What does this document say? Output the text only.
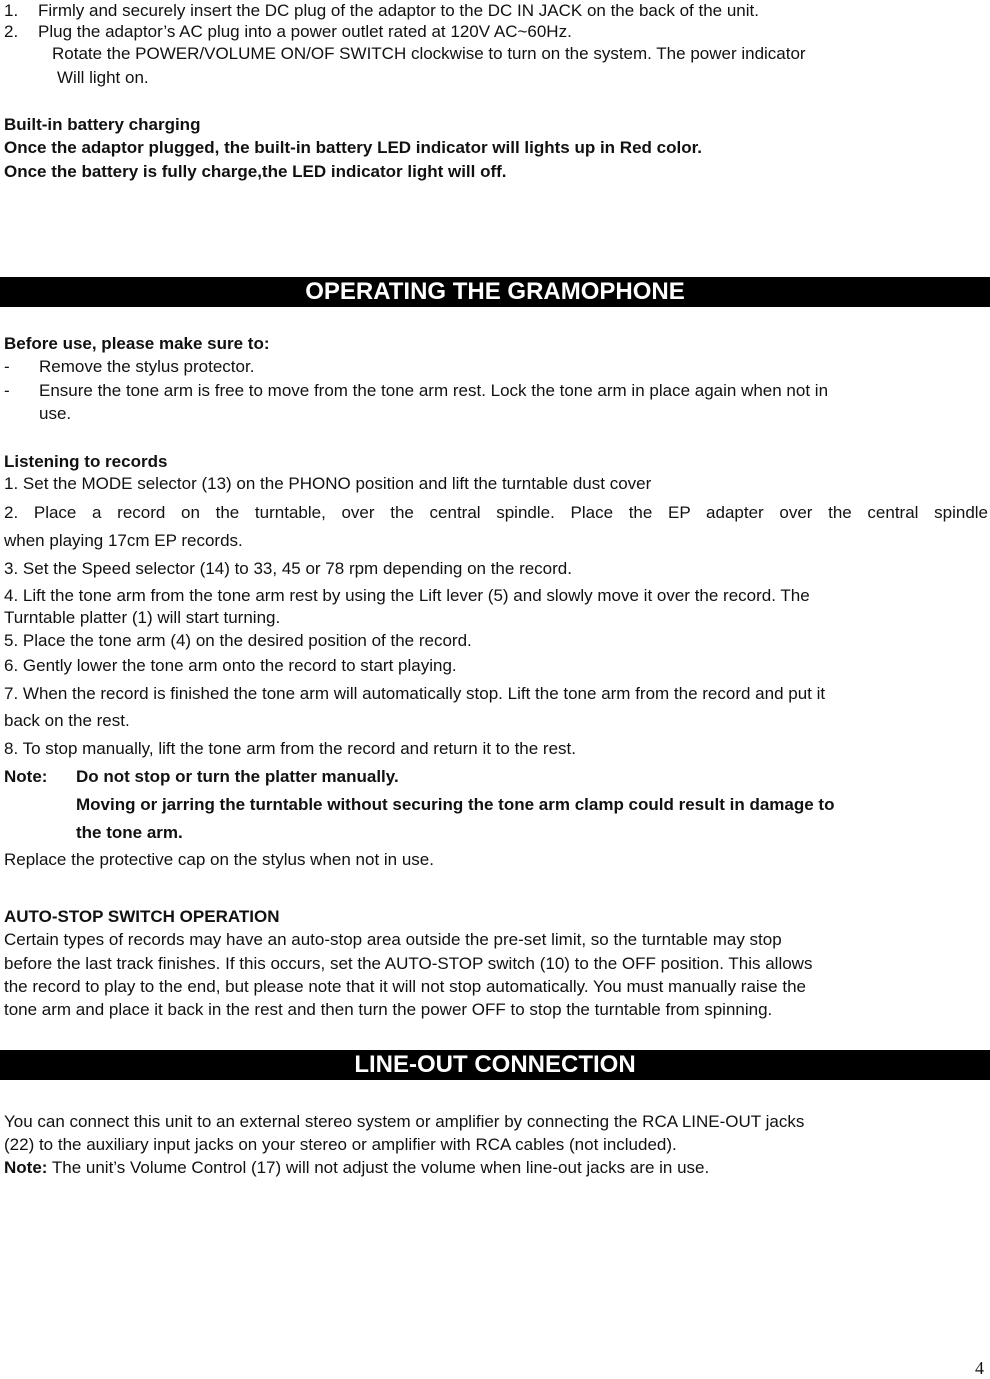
1. Firmly and securely insert the DC plug of the adaptor to the DC IN JACK on the back of the unit.
2. Plug the adaptor’s AC plug into a power outlet rated at 120V AC~60Hz.
Rotate the POWER/VOLUME ON/OF SWITCH clockwise to turn on the system. The power indicator
Will light on.
Built-in battery charging
Once the adaptor plugged, the built-in battery LED indicator will lights up in Red color.
Once the battery is fully charge,the LED indicator light will off.
OPERATING THE GRAMOPHONE
Before use, please make sure to:
- Remove the stylus protector.
- Ensure the tone arm is free to move from the tone arm rest. Lock the tone arm in place again when not in
use.
Listening to records
1. Set the MODE selector (13) on the PHONO position and lift the turntable dust cover
2. Place a record on the turntable, over the central spindle. Place the EP adapter over the central spindle
when playing 17cm EP records.
3. Set the Speed selector (14) to 33, 45 or 78 rpm depending on the record.
4. Lift the tone arm from the tone arm rest by using the Lift lever (5) and slowly move it over the record. The
Turntable platter (1) will start turning.
5. Place the tone arm (4) on the desired position of the record.
6. Gently lower the tone arm onto the record to start playing.
7. When the record is finished the tone arm will automatically stop. Lift the tone arm from the record and put it
back on the rest.
8. To stop manually, lift the tone arm from the record and return it to the rest.
Note: Do not stop or turn the platter manually.
Moving or jarring the turntable without securing the tone arm clamp could result in damage to
the tone arm.
Replace the protective cap on the stylus when not in use.
AUTO-STOP SWITCH OPERATION
Certain types of records may have an auto-stop area outside the pre-set limit, so the turntable may stop
before the last track finishes. If this occurs, set the AUTO-STOP switch (10) to the OFF position. This allows
the record to play to the end, but please note that it will not stop automatically. You must manually raise the
tone arm and place it back in the rest and then turn the power OFF to stop the turntable from spinning.
LINE-OUT CONNECTION
You can connect this unit to an external stereo system or amplifier by connecting the RCA LINE-OUT jacks
(22) to the auxiliary input jacks on your stereo or amplifier with RCA cables (not included).
Note: The unit’s Volume Control (17) will not adjust the volume when line-out jacks are in use.
4
